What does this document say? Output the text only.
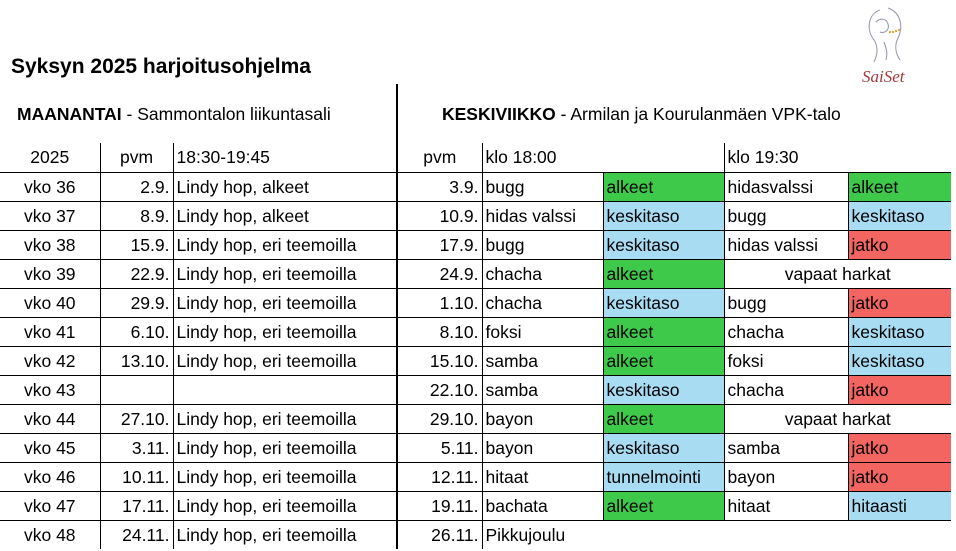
Syksyn 2025 harjoitusohjelma
MAANANTAI - Sammontalon liikuntasali	KESKIVIIKKO - Armilan ja Kourulanmäen VPK-talo
SaiSet
2025	pvm	18:30-19:45	pvm	klo 18:00		klo 19:30	
vko 36	2.9.	Lindy hop, alkeet	3.9.	bugg	alkeet	hidasvalssi	alkeet
vko 37	8.9.	Lindy hop, alkeet	10.9.	hidas valssi	keskitaso	bugg	keskitaso
vko 38	15.9.	Lindy hop, eri teemoilla	17.9.	bugg	keskitaso	hidas valssi	jatko
vko 39	22.9.	Lindy hop, eri teemoilla	24.9.	chacha	alkeet	vapaat harkat	
vko 40	29.9.	Lindy hop, eri teemoilla	1.10.	chacha	keskitaso	bugg	jatko
vko 41	6.10.	Lindy hop, eri teemoilla	8.10.	foksi	alkeet	chacha	keskitaso
vko 42	13.10.	Lindy hop, eri teemoilla	15.10.	samba	alkeet	foksi	keskitaso
vko 43			22.10.	samba	keskitaso	chacha	jatko
vko 44	27.10.	Lindy hop, eri teemoilla	29.10.	bayon	alkeet	vapaat harkat	
vko 45	3.11.	Lindy hop, eri teemoilla	5.11.	bayon	keskitaso	samba	jatko
vko 46	10.11.	Lindy hop, eri teemoilla	12.11.	hitaat	tunnelmointi	bayon	jatko
vko 47	17.11.	Lindy hop, eri teemoilla	19.11.	bachata	alkeet	hitaat	hitaasti
vko 48	24.11.	Lindy hop, eri teemoilla	26.11.	Pikkujoulu			
